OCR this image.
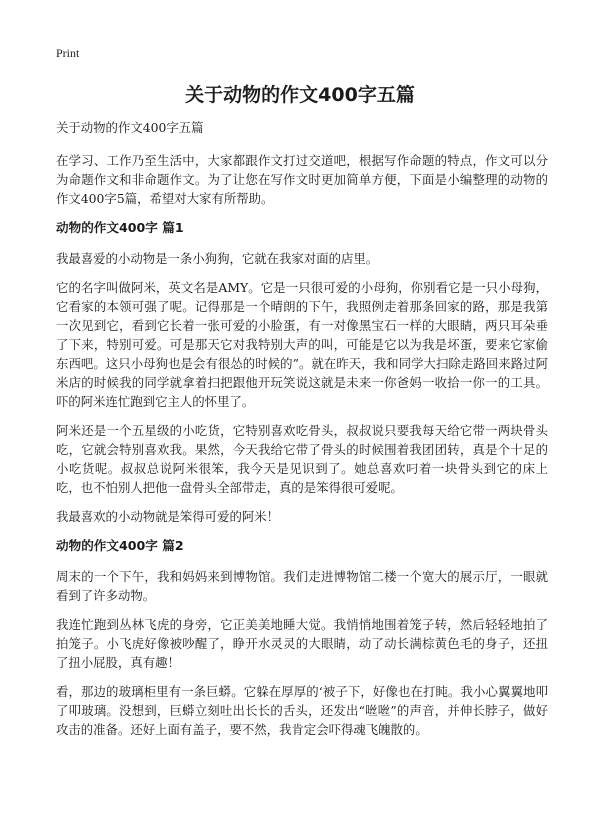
Print
关于动物的作文400字五篇

关于动物的作文400字五篇

在学习、工作乃至生活中，大家都跟作文打过交道吧，根据写作命题的特点，作文可以分为命题作文和非命题作文。为了让您在写作文时更加简单方便，下面是小编整理的动物的作文400字5篇，希望对大家有所帮助。

动物的作文400字 篇1

我最喜爱的小动物是一条小狗狗，它就在我家对面的店里。

它的名字叫做阿米，英文名是AMY。它是一只很可爱的小母狗，你别看它是一只小母狗，它看家的本领可强了呢。记得那是一个晴朗的下午，我照例走着那条回家的路，那是我第一次见到它，看到它长着一张可爱的小脸蛋，有一对像黑宝石一样的大眼睛，两只耳朵垂了下来，特别可爱。可是那天它对我特别大声的叫，可能是它以为我是坏蛋，要来它家偷东西吧。这只小母狗也是会有很怂的时候的”。就在昨天，我和同学大扫除走路回来路过阿米店的时候我的同学就拿着扫把跟他开玩笑说这就是未来一你爸妈一收拾一你一的工具。吓的阿米连忙跑到它主人的怀里了。

阿米还是一个五星级的小吃货，它特别喜欢吃骨头，叔叔说只要我每天给它带一两块骨头吃，它就会特别喜欢我。果然，今天我给它带了骨头的时候围着我团团转，真是个十足的小吃货呢。叔叔总说阿米很笨，我今天是见识到了。她总喜欢叼着一块骨头到它的床上吃，也不怕别人把他一盘骨头全部带走，真的是笨得很可爱呢。

我最喜欢的小动物就是笨得可爱的阿米！

动物的作文400字 篇2

周末的一个下午，我和妈妈来到博物馆。我们走进博物馆二楼一个宽大的展示厅，一眼就看到了许多动物。

我连忙跑到丛林飞虎的身旁，它正美美地睡大觉。我悄悄地围着笼子转，然后轻轻地拍了拍笼子。小飞虎好像被吵醒了，睁开水灵灵的大眼睛，动了动长满棕黄色毛的身子，还扭了扭小屁股，真有趣！

看，那边的玻璃柜里有一条巨蟒。它躲在厚厚的‘被子下，好像也在打盹。我小心翼翼地叩了叩玻璃。没想到，巨蟒立刻吐出长长的舌头，还发出“咝咝”的声音，并伸长脖子，做好攻击的准备。还好上面有盖子，要不然，我肯定会吓得魂飞魄散的。
